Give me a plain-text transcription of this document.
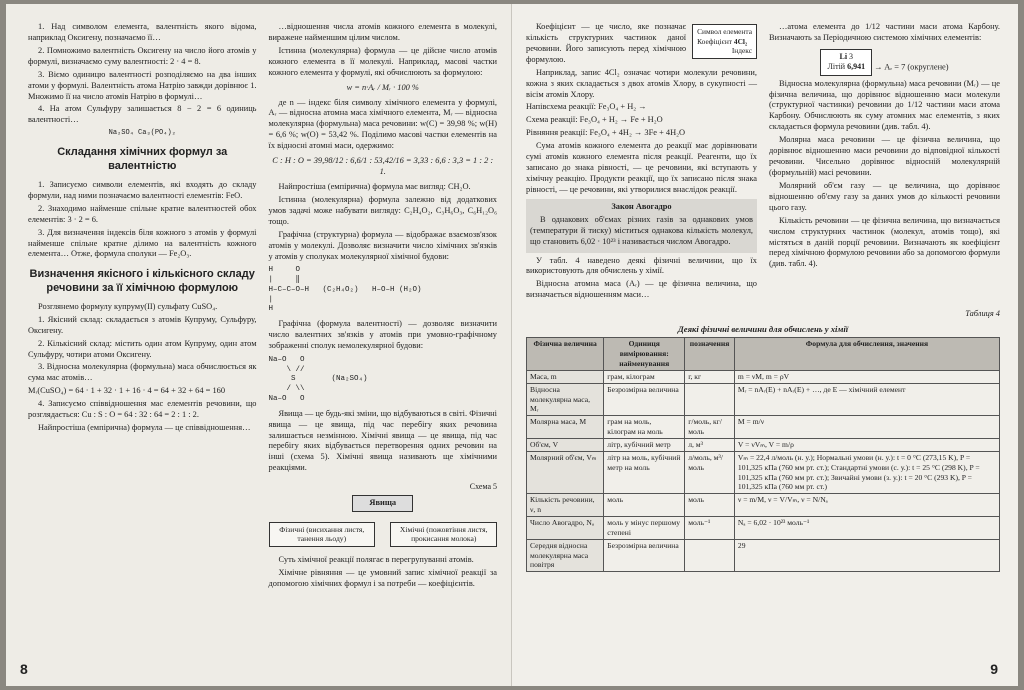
1. Над символом елемента, валентність якого відома, наприклад Оксигену, позначаємо її…

2. Помножимо валентність Оксигену на число його атомів у формулі, визначаємо суму валентності: 2 · 4 = 8.

3. Віємо одиницю валентності розподіляємо на два інших атоми у формулі. Валентність атома Натрію завжди дорівнює 1. Множимо її на число атомів Натрію в формулі…

4. На атом Сульфуру залишається 8 − 2 = 6 одиниць валентності…

Na₂SO₄ Ca₃(PO₄)₂
Складання хімічних формул за валентністю

1. Записуємо символи елементів, які входять до складу формули, над ними позначаємо валентності елементів: FeO.

2. Знаходимо найменше спільне кратне валентностей обох елементів: 3 · 2 = 6.

3. Для визначення індексів біля кожного з атомів у формулі найменше спільне кратне ділимо на валентність кожного елемента… Отже, формула сполуки — Fe₂O₃.

Визначення якісного і кількісного складу речовини за її хімічною формулою

Розглянемо формулу купруму(II) сульфату CuSO₄.

1. Якісний склад: складається з атомів Купруму, Сульфуру, Оксигену.

2. Кількісний склад: містить один атом Купруму, один атом Сульфуру, чотири атоми Оксигену.

3. Відносна молекулярна (формульна) маса обчислюється як сума мас атомів…

Mᵣ(CuSO₄) = 64 · 1 + 32 · 1 + 16 · 4 = 64 + 32 + 64 = 160

4. Записуємо співвідношення мас елементів речовини, що розглядається: Cu : S : O = 64 : 32 : 64 = 2 : 1 : 2.

Найпростіша (емпірична) формула — це співвідношення…

…відношення числа атомів кожного елемента в молекулі, виражене найменшим цілим числом.

Істинна (молекулярна) формула — це дійсне число атомів кожного елемента в її молекулі. Наприклад, масові частки кожного елемента у формулі, які обчислюють за формулою:

w = n·Aᵣ / Mᵣ · 100 %

де n — індекс біля символу хімічного елемента у формулі, Aᵣ — відносна атомна маса хімічного елемента, Mᵣ — відносна молекулярна (формульна) маса речовини: w(C) = 39,98 %; w(H) = 6,6 %; w(O) = 53,42 %. Поділимо масові частки елементів на їх відносні атомні маси, одержимо:

C : H : O = 39,98/12 : 6,6/1 : 53,42/16 = 3,33 : 6,6 : 3,3 = 1 : 2 : 1.

Найпростіша (емпірична) формула має вигляд: CH₂O.

Істинна (молекулярна) формула залежно від додаткових умов задачі може набувати вигляду: C₂H₄O₂, C₃H₆O₃, C₆H₁₂O₆ тощо.

Графічна (структурна) формула — відображає взаємозв'язок атомів у молекулі. Дозволяє визначити число хімічних зв'язків у атомів у сполуках молекулярної хімічної будови:

H     O
|     ‖
H–C–C–O–H   (C₂H₄O₂)   H–O–H (H₂O)
|
H

Графічна (формула валентності) — дозволяє визначити число валентних зв'язків у атомів при умовно-графічному зображенні сполук немолекулярної будови:

Na–O   O
\ //
S        (Na₂SO₄)
/ \\
Na–O   O

Явища — це будь-які зміни, що відбуваються в світі. Фізичні явища — це явища, під час перебігу яких речовина залишається незмінною. Хімічні явища — це явища, під час перебігу яких відбувається перетворення одних речовин на інші (схема 5). Хімічні явища називають ще хімічними реакціями.

Схема 5
Явища
Фізичні (висихання листя, танення льоду)
Хімічні (пожовтіння листя, прокисання молока)

Суть хімічної реакції полягає в перегрупуванні атомів.

Хімічне рівняння — це умовний запис хімічної реакції за допомогою хімічних формул і за потреби — коефіцієнтів.

8
Символ елемента
Коефіцієнт 4Cl₂
Індекс

Коефіцієнт — це число, яке позначає кількість структурних частинок даної речовини. Його записують перед хімічною формулою.

Наприклад, запис 4Cl₂ означає чотири молекули речовини, кожна з яких складається з двох атомів Хлору, в сукупності — вісім атомів Хлору.

Напівсхема реакції: Fe₃O₄ + H₂ →

Схема реакції: Fe₃O₄ + H₂ → Fe + H₂O

Рівняння реакції: Fe₃O₄ + 4H₂ → 3Fe + 4H₂O

Сума атомів кожного елемента до реакції має дорівнювати сумі атомів кожного елемента після реакції. Реагенти, що їх записано до знака рівності, — це речовини, які вступають у хімічну реакцію. Продукти реакції, що їх записано після знака рівності, — це речовини, які утворилися внаслідок реакції.

Закон Авогадро

В однакових об'ємах різних газів за однакових умов (температури й тиску) міститься однакова кількість молекул, що становить 6,02 · 10²³ і називається числом Авогадро.

У табл. 4 наведено деякі фізичні величини, що їх використовують для обчислень у хімії.

Відносна атомна маса (Aᵣ) — це фізична величина, що визначається відношенням маси…

…атома елемента до 1/12 частини маси атома Карбону. Визначають за Періодичною системою хімічних елементів:

Li 3
Літій 6,941 → Aᵣ = 7 (округлене)

Відносна молекулярна (формульна) маса речовини (Mᵣ) — це фізична величина, що дорівнює відношенню маси молекули (структурної частинки) речовини до 1/12 частини маси атома Карбону. Обчислюють як суму атомних мас елементів, з яких складається формула речовини (див. табл. 4).

Молярна маса речовини — це фізична величина, що дорівнює відношенню маси речовини до відповідної кількості речовини. Чисельно дорівнює відносній молекулярній (формульній) масі речовини.

Молярний об'єм газу — це величина, що дорівнює відношенню об'єму газу за даних умов до кількості речовини цього газу.

Кількість речовини — це фізична величина, що визначається числом структурних частинок (молекул, атомів тощо), які містяться в даній порції речовини. Визначають як коефіцієнт перед хімічною формулою речовини або за допомогою формули (див. табл. 4).

Таблиця 4
Деякі фізичні величини для обчислень у хімії
Фізична величина	Одиниця вимірювання: найменування	позначення	Формула для обчислення, значення
Маса, m	грам, кілограм	г, кг	m = νM, m = ρV
Відносна молекулярна маса, Mᵣ	Безрозмірна величина		Mᵣ = nAᵣ(E) + nAᵣ(E) + …, де E — хімічний елемент
Молярна маса, M	грам на моль, кілограм на моль	г/моль, кг/моль	M = m/ν
Об'єм, V	літр, кубічний метр	л, м³	V = νVₘ, V = m/ρ
Молярний об'єм, Vₘ	літр на моль, кубічний метр на моль	л/моль, м³/моль	Vₘ = 22,4 л/моль (н. у.); Нормальні умови (н. у.): t = 0 °C (273,15 K), P = 101,325 кПа (760 мм рт. ст.); Стандартні умови (с. у.): t = 25 °C (298 K), P = 101,325 кПа (760 мм рт. ст.); Звичайні умови (з. у.): t = 20 °C (293 K), P = 101,325 кПа (760 мм рт. ст.)
Кількість речовини, ν, n	моль	моль	ν = m/M, ν = V/Vₘ, ν = N/Nₐ
Число Авогадро, Nₐ	моль у мінус першому степені	моль⁻¹	Nₐ = 6,02 · 10²³ моль⁻¹
Середня відносна молекулярна маса повітря	Безрозмірна величина		29
9
